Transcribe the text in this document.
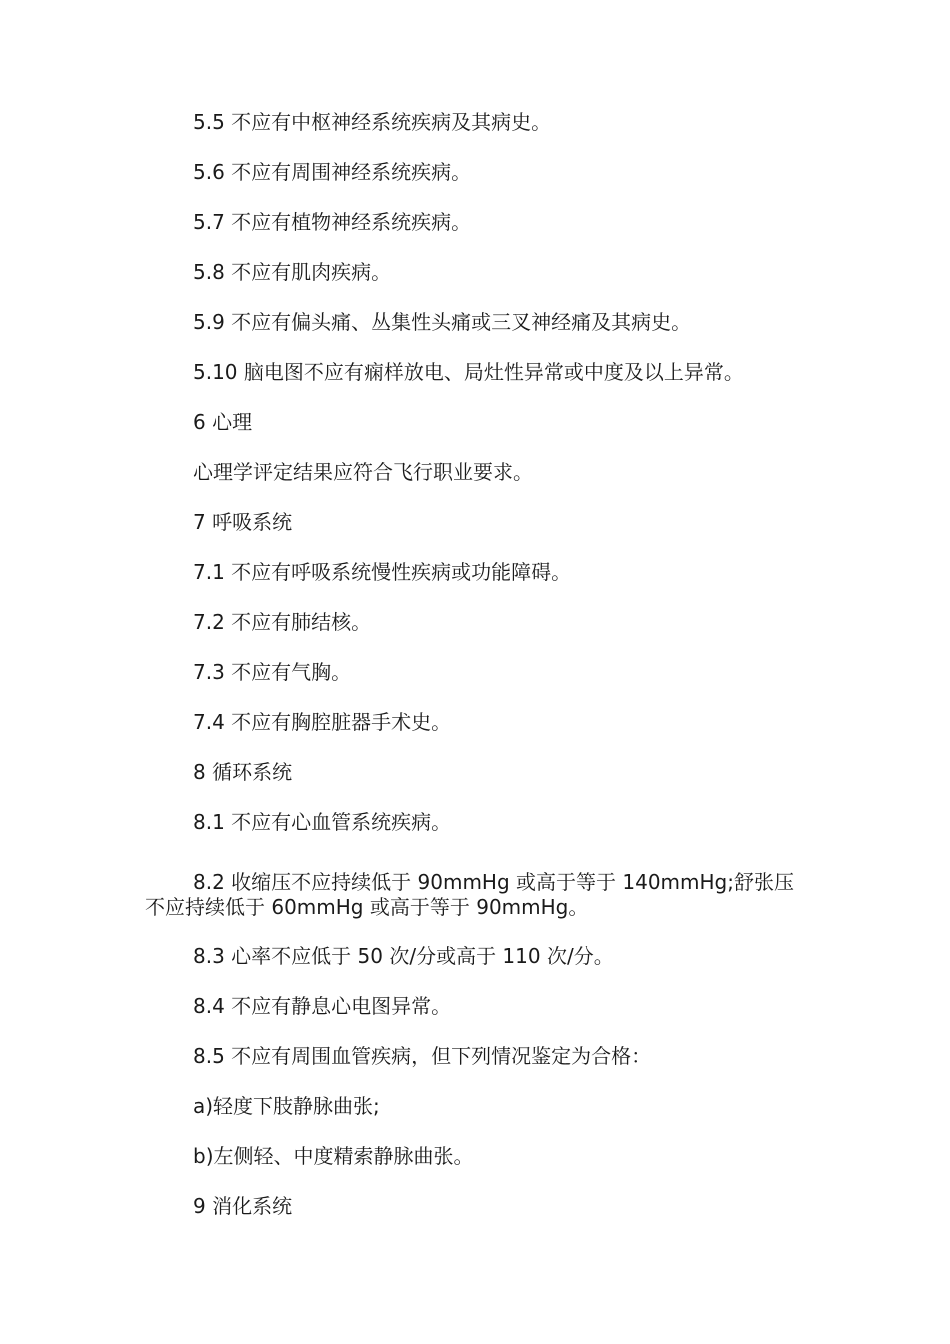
5.5 不应有中枢神经系统疾病及其病史。

5.6 不应有周围神经系统疾病。

5.7 不应有植物神经系统疾病。

5.8 不应有肌肉疾病。

5.9 不应有偏头痛、丛集性头痛或三叉神经痛及其病史。

5.10 脑电图不应有痫样放电、局灶性异常或中度及以上异常。

6 心理

心理学评定结果应符合飞行职业要求。

7 呼吸系统

7.1 不应有呼吸系统慢性疾病或功能障碍。

7.2 不应有肺结核。

7.3 不应有气胸。

7.4 不应有胸腔脏器手术史。

8 循环系统

8.1 不应有心血管系统疾病。

8.2 收缩压不应持续低于 90mmHg 或高于等于 140mmHg;舒张压不应持续低于 60mmHg 或高于等于 90mmHg。

8.3 心率不应低于 50 次/分或高于 110 次/分。

8.4 不应有静息心电图异常。

8.5 不应有周围血管疾病，但下列情况鉴定为合格：

a)轻度下肢静脉曲张;

b)左侧轻、中度精索静脉曲张。

9 消化系统
